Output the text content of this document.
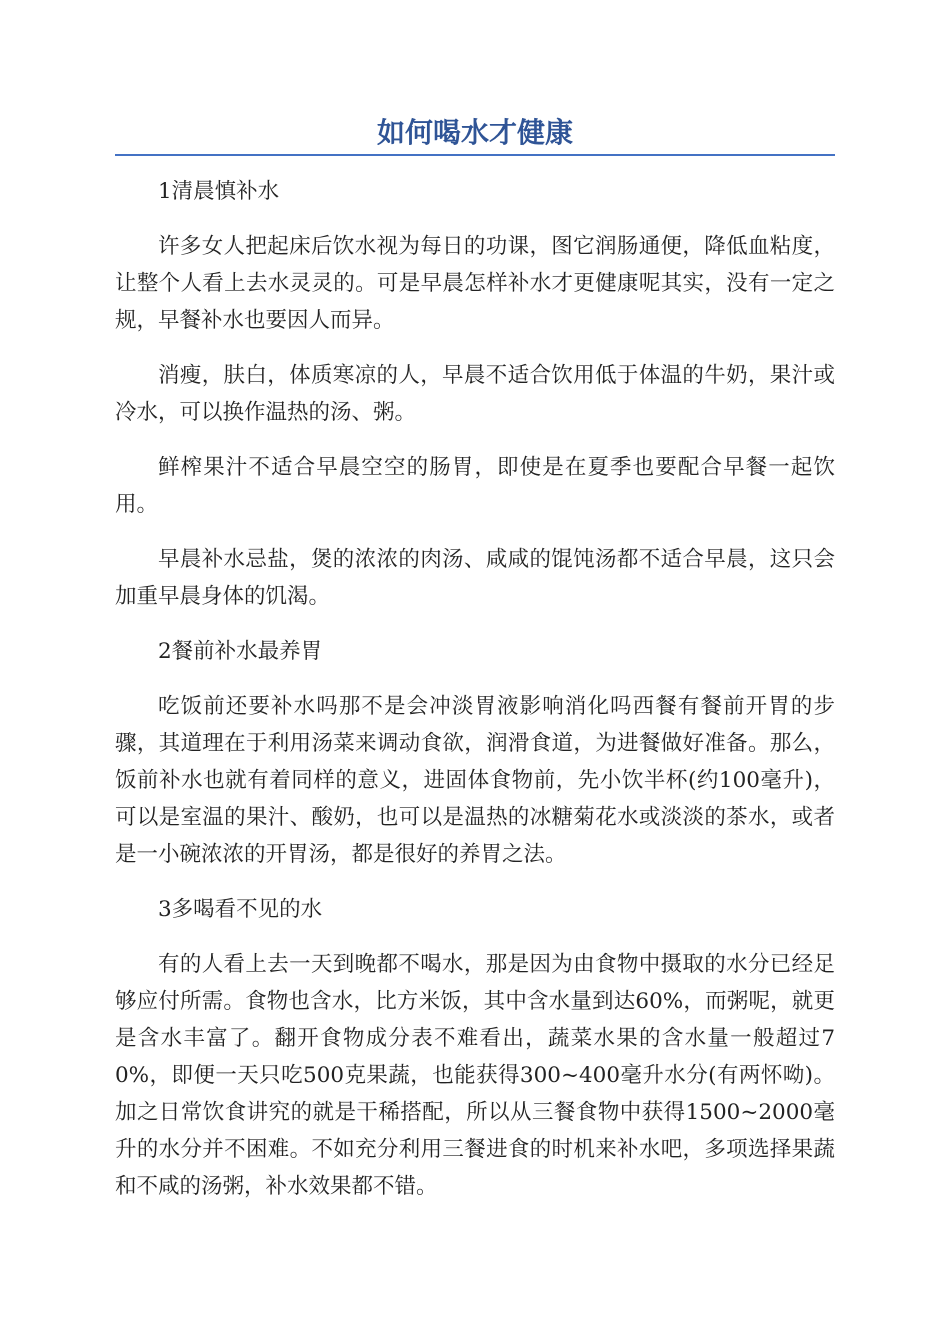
如何喝水才健康

1清晨慎补水

许多女人把起床后饮水视为每日的功课，图它润肠通便，降低血粘度，让整个人看上去水灵灵的。可是早晨怎样补水才更健康呢其实，没有一定之规，早餐补水也要因人而异。

消瘦，肤白，体质寒凉的人，早晨不适合饮用低于体温的牛奶，果汁或冷水，可以换作温热的汤、粥。

鲜榨果汁不适合早晨空空的肠胃，即使是在夏季也要配合早餐一起饮用。

早晨补水忌盐，煲的浓浓的肉汤、咸咸的馄饨汤都不适合早晨，这只会加重早晨身体的饥渴。

2餐前补水最养胃

吃饭前还要补水吗那不是会冲淡胃液影响消化吗西餐有餐前开胃的步骤，其道理在于利用汤菜来调动食欲，润滑食道，为进餐做好准备。那么，饭前补水也就有着同样的意义，进固体食物前，先小饮半杯(约100毫升)，可以是室温的果汁、酸奶，也可以是温热的冰糖菊花水或淡淡的茶水，或者是一小碗浓浓的开胃汤，都是很好的养胃之法。

3多喝看不见的水

有的人看上去一天到晚都不喝水，那是因为由食物中摄取的水分已经足够应付所需。食物也含水，比方米饭，其中含水量到达60%，而粥呢，就更是含水丰富了。翻开食物成分表不难看出，蔬菜水果的含水量一般超过70%，即便一天只吃500克果蔬，也能获得300~400毫升水分(有两怀呦)。加之日常饮食讲究的就是干稀搭配，所以从三餐食物中获得1500~2000毫升的水分并不困难。不如充分利用三餐进食的时机来补水吧，多项选择果蔬和不咸的汤粥，补水效果都不错。
